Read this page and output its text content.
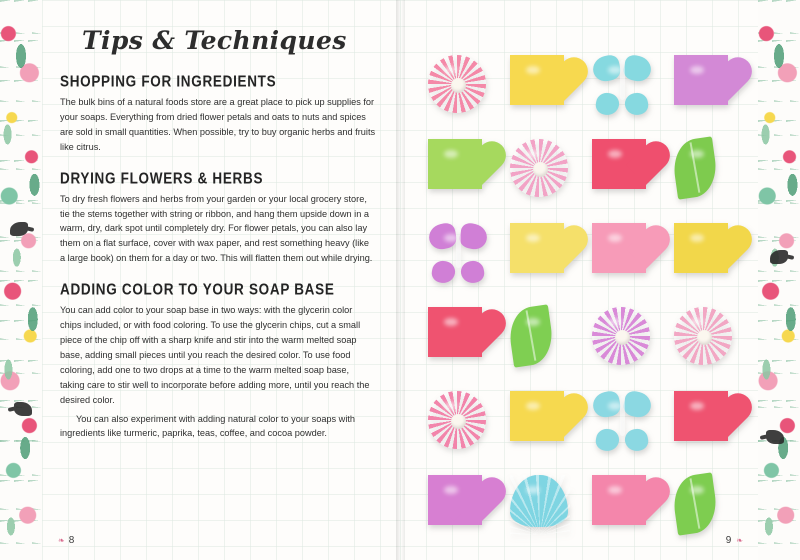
Tips & Techniques
SHOPPING FOR INGREDIENTS

The bulk bins of a natural foods store are a great place to pick up supplies for your soaps. Everything from dried flower petals and oats to nuts and spices are sold in small quantities. When possible, try to buy organic herbs and fruits like citrus.

DRYING FLOWERS & HERBS

To dry fresh flowers and herbs from your garden or your local grocery store, tie the stems together with string or ribbon, and hang them upside down in a warm, dry, dark spot until completely dry. For flower petals, you can also lay them on a flat surface, cover with wax paper, and rest something heavy (like a large book) on them for a day or two. This will flatten them out while drying.

ADDING COLOR TO YOUR SOAP BASE

You can add color to your soap base in two ways: with the glycerin color chips included, or with food coloring. To use the glycerin chips, cut a small piece of the chip off with a sharp knife and stir into the warm melted soap base, adding small pieces until you reach the desired color. To use food coloring, add one to two drops at a time to the warm melted soap base, taking care to stir well to incorporate before adding more, until you reach the desired color.

You can also experiment with adding natural color to your soaps with ingredients like turmeric, paprika, teas, coffee, and cocoa powder.

❧ 8	9 ❧
